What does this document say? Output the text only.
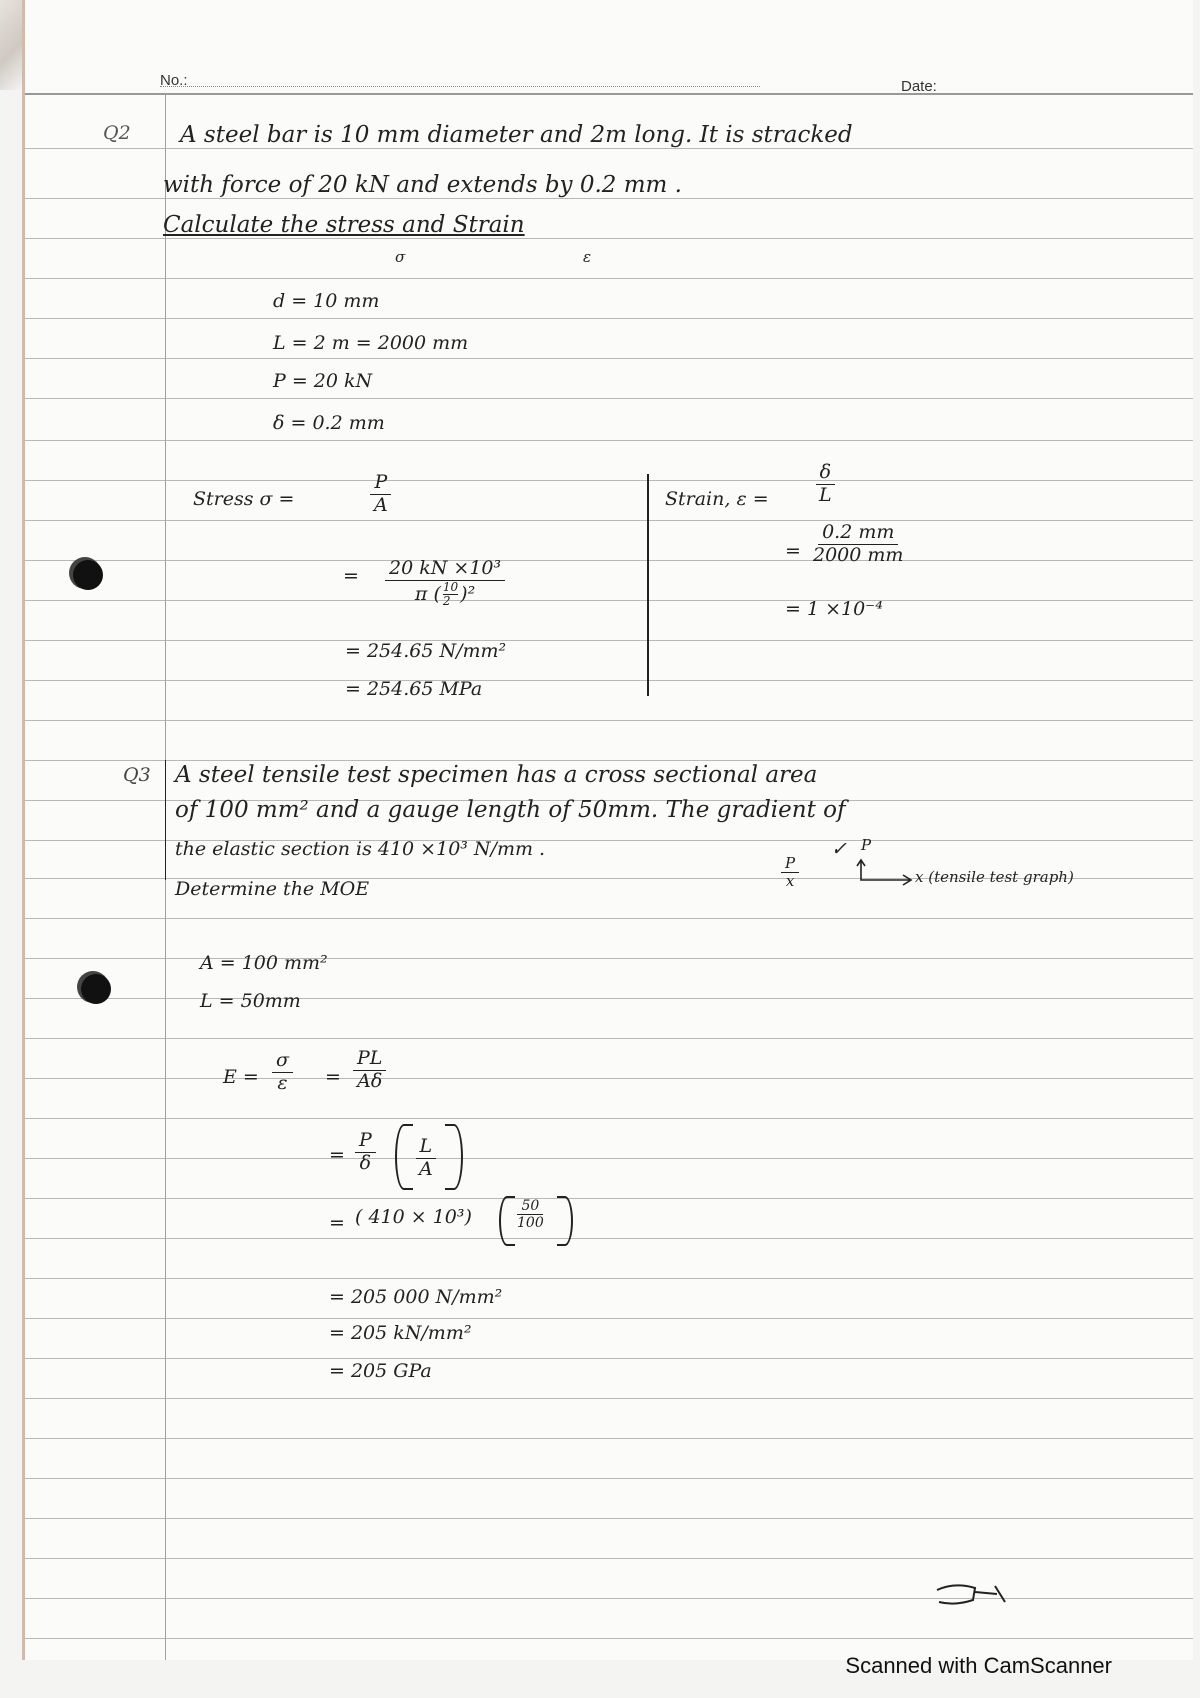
No.:	Date:
Q2 A steel bar is 10 mm diameter and 2m long. It is stracked
with force of 20 kN and extends by 0.2 mm .
Calculate the stress and Strain
σ	ε
d = 10 mm
L = 2 m = 2000 mm
P = 20 kN
δ = 0.2 mm
Stress σ =	$\frac{P}{A}$
= 20 kN ×10³
π ( 10
2 )²
= 254.65 N/mm²
= 254.65 MPa
Strain, $\varepsilon = \frac{\delta}{L}$
= $\frac{0.2 mm}{2000 mm}$
= 1 ×10⁻⁴
Q3 A steel tensile test specimen has a cross sectional area
of 100 mm² and a gauge length of 50mm. The gradient of
the elastic section is 410 ×10³ N/mm .
Determine the MOE	$\frac{P}{x}$
✓ P
x (tensile test graph)
A = 100 mm²
L = 50mm
$E = \frac{\sigma}{\varepsilon} = \frac{PL}{A\delta}$
= $\frac{P}{\delta} \frac{L}{A}$
= ( 410 × 10³)	$\frac{50}{100}$
= 205 000 N/mm²
= 205 kN/mm²
= 205 GPa
Scanned with CamScanner
